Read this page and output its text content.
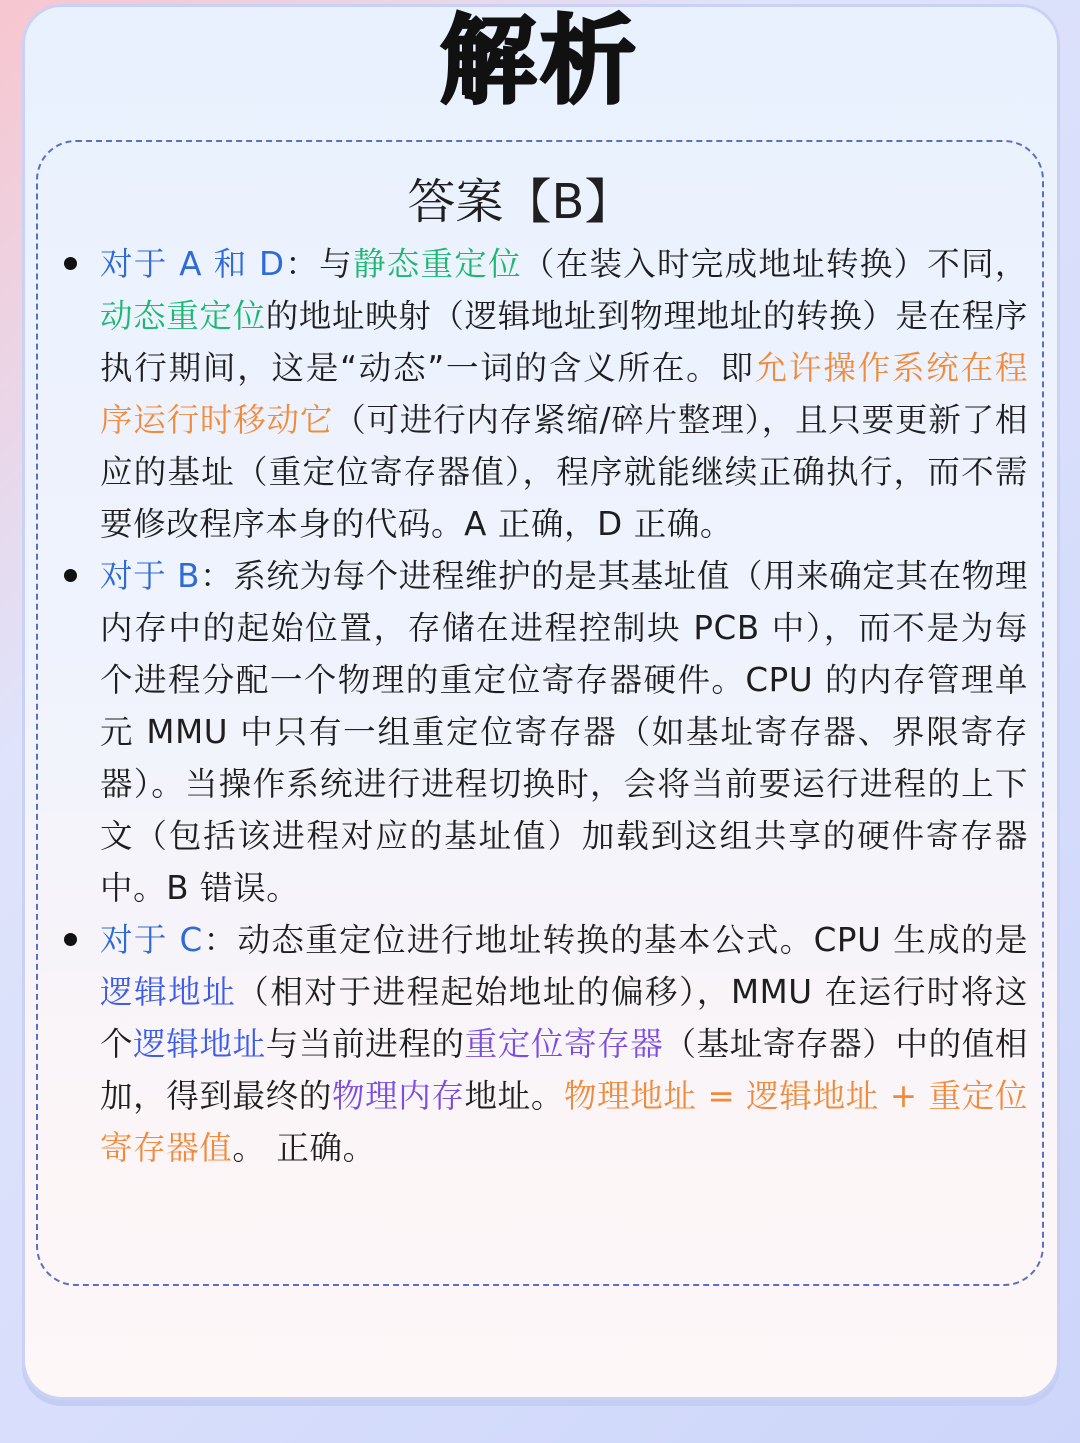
解析
答案【B】
对于 A 和 D：与静态重定位（在装入时完成地址转换）不同，动态重定位的地址映射（逻辑地址到物理地址的转换）是在程序执行期间，这是“动态”一词的含义所在。即允许操作系统在程序运行时移动它（可进行内存紧缩/碎片整理），且只要更新了相应的基址（重定位寄存器值），程序就能继续正确执行，而不需要修改程序本身的代码。A 正确，D 正确。
对于 B：系统为每个进程维护的是其基址值（用来确定其在物理内存中的起始位置，存储在进程控制块 PCB 中），而不是为每个进程分配一个物理的重定位寄存器硬件。CPU 的内存管理单元 MMU 中只有一组重定位寄存器（如基址寄存器、界限寄存器）。当操作系统进行进程切换时，会将当前要运行进程的上下文（包括该进程对应的基址值）加载到这组共享的硬件寄存器中。B 错误。
对于 C：动态重定位进行地址转换的基本公式。CPU 生成的是逻辑地址（相对于进程起始地址的偏移），MMU 在运行时将这个逻辑地址与当前进程的重定位寄存器（基址寄存器）中的值相加，得到最终的物理内存地址。物理地址 = 逻辑地址 + 重定位寄存器值。 正确。
